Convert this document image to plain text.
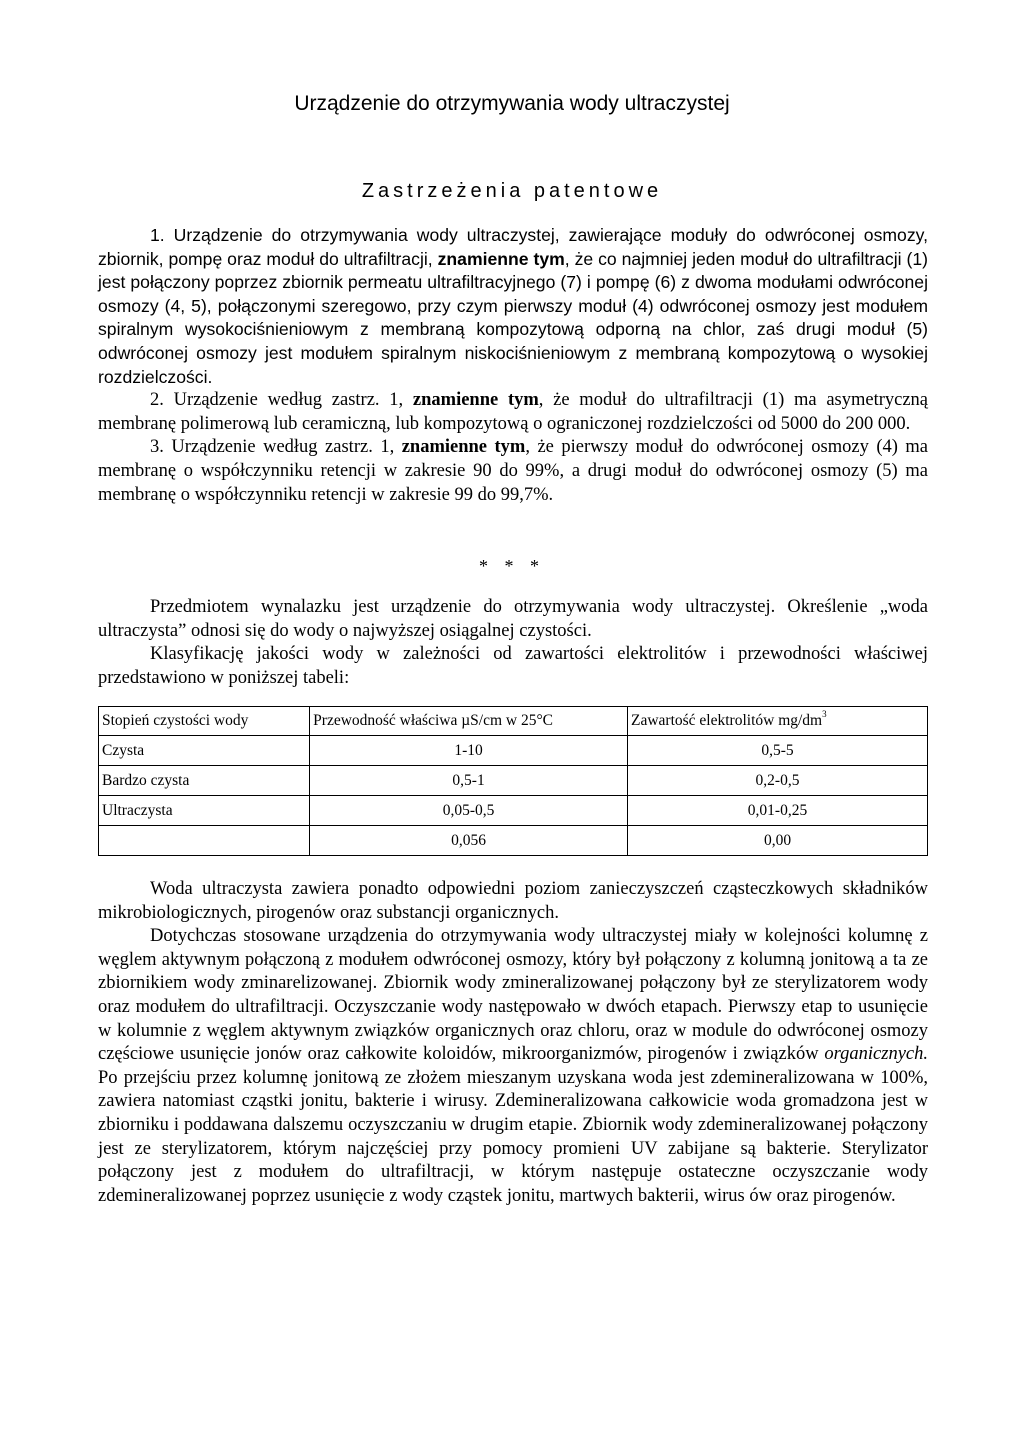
Urządzenie do otrzymywania wody ultraczystej
Zastrzeżenia patentowe

1. Urządzenie do otrzymywania wody ultraczystej, zawierające moduły do odwróconej osmozy, zbiornik, pompę oraz moduł do ultrafiltracji, znamienne tym, że co najmniej jeden moduł do ultrafiltracji (1) jest połączony poprzez zbiornik permeatu ultrafiltracyjnego (7) i pompę (6) z dwoma modułami odwróconej osmozy (4, 5), połączonymi szeregowo, przy czym pierwszy moduł (4) odwróconej osmozy jest modułem spiralnym wysokociśnieniowym z membraną kompozytową odporną na chlor, zaś drugi moduł (5) odwróconej osmozy jest modułem spiralnym niskociśnieniowym z membraną kompozytową o wysokiej rozdzielczości.

2. Urządzenie według zastrz. 1, znamienne tym, że moduł do ultrafiltracji (1) ma asymetryczną membranę polimerową lub ceramiczną, lub kompozytową o ograniczonej rozdzielczości od 5000 do 200 000.

3. Urządzenie według zastrz. 1, znamienne tym, że pierwszy moduł do odwróconej osmozy (4) ma membranę o współczynniku retencji w zakresie 90 do 99%, a drugi moduł do odwróconej osmozy (5) ma membranę o współczynniku retencji w zakresie 99 do 99,7%.

* * *

Przedmiotem wynalazku jest urządzenie do otrzymywania wody ultraczystej. Określenie „woda ultraczysta” odnosi się do wody o najwyższej osiągalnej czystości.

Klasyfikację jakości wody w zależności od zawartości elektrolitów i przewodności właściwej przedstawiono w poniższej tabeli:

Stopień czystości wody	Przewodność właściwa µS/cm w 25°C	Zawartość elektrolitów $mg/dm^3$
Czysta	1-10	0,5-5
Bardzo czysta	0,5-1	0,2-0,5
Ultraczysta	0,05-0,5	0,01-0,25
	0,056	0,00

Woda ultraczysta zawiera ponadto odpowiedni poziom zanieczyszczeń cząsteczkowych składników mikrobiologicznych, pirogenów oraz substancji organicznych.

Dotychczas stosowane urządzenia do otrzymywania wody ultraczystej miały w kolejności kolumnę z węglem aktywnym połączoną z modułem odwróconej osmozy, który był połączony z kolumną jonitową a ta ze zbiornikiem wody zminarelizowanej. Zbiornik wody zmineralizowanej połączony był ze sterylizatorem wody oraz modułem do ultrafiltracji. Oczyszczanie wody następowało w dwóch etapach. Pierwszy etap to usunięcie w kolumnie z węglem aktywnym związków organicznych oraz chloru, oraz w module do odwróconej osmozy częściowe usunięcie jonów oraz całkowite koloidów, mikroorganizmów, pirogenów i związków organicznych. Po przejściu przez kolumnę jonitową ze złożem mieszanym uzyskana woda jest zdemineralizowana w 100%, zawiera natomiast cząstki jonitu, bakterie i wirusy. Zdemineralizowana całkowicie woda gromadzona jest w zbiorniku i poddawana dalszemu oczyszczaniu w drugim etapie. Zbiornik wody zdemineralizowanej połączony jest ze sterylizatorem, którym najczęściej przy pomocy promieni UV zabijane są bakterie. Sterylizator połączony jest z modułem do ultrafiltracji, w którym następuje ostateczne oczyszczanie wody zdemineralizowanej poprzez usunięcie z wody cząstek jonitu, martwych bakterii, wirus ów oraz pirogenów.
